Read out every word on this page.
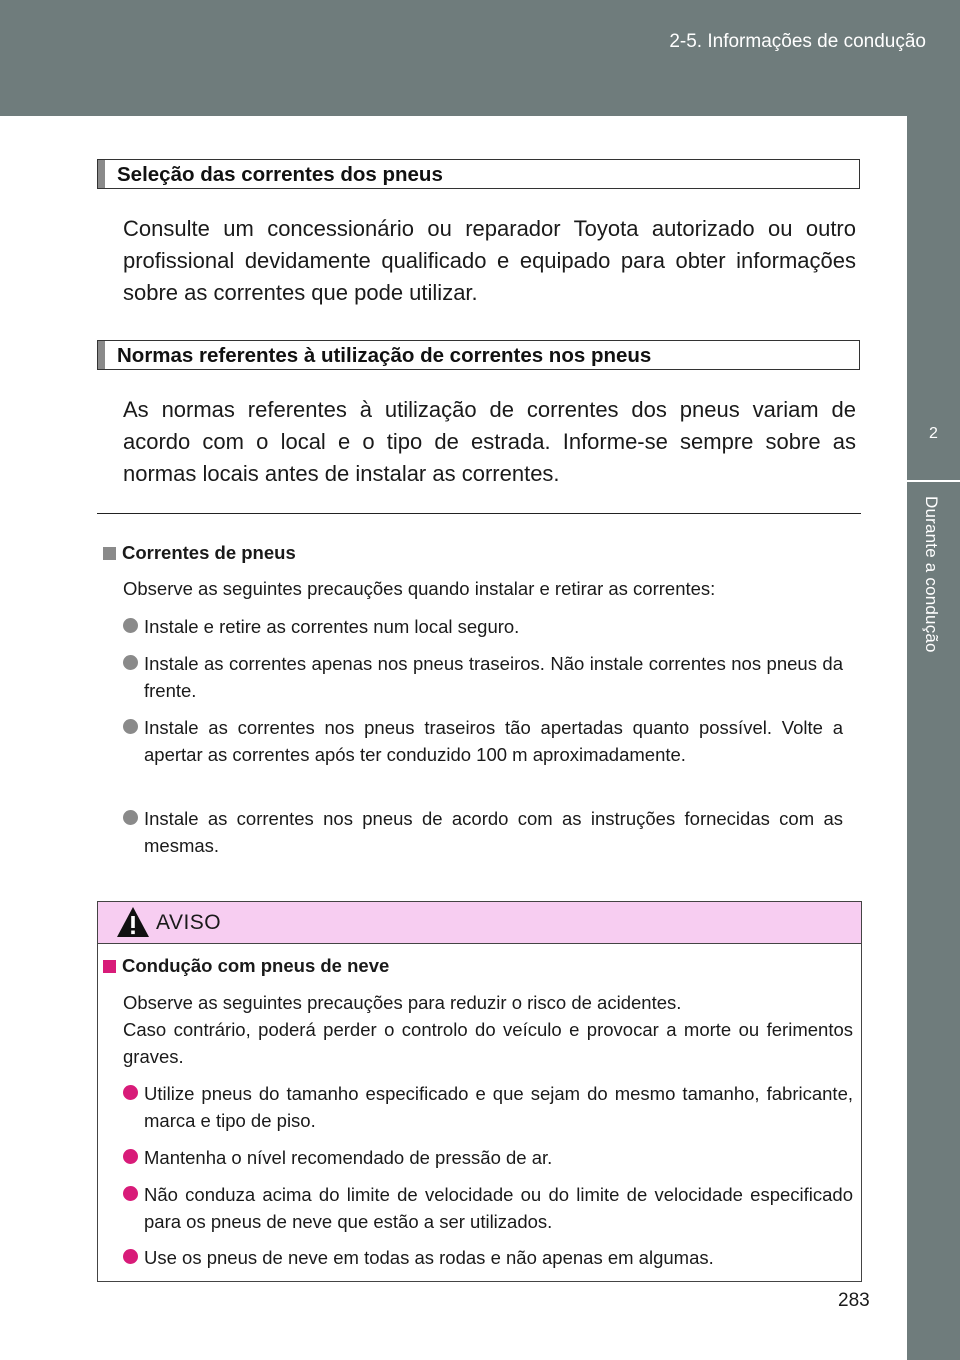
2-5. Informações de condução
2
Durante a condução
Seleção das correntes dos pneus
Consulte um concessionário ou reparador Toyota autorizado ou outro profissional devidamente qualificado e equipado para obter informações sobre as correntes que pode utilizar.
Normas referentes à utilização de correntes nos pneus
As normas referentes à utilização de correntes dos pneus variam de acordo com o local e o tipo de estrada. Informe-se sempre sobre as normas locais antes de instalar as correntes.
Correntes de pneus
Observe as seguintes precauções quando instalar e retirar as correntes:
Instale e retire as correntes num local seguro.
Instale as correntes apenas nos pneus traseiros. Não instale correntes nos pneus da frente.
Instale as correntes nos pneus traseiros tão apertadas quanto possível. Volte a apertar as correntes após ter conduzido 100 m aproximadamente.
Instale as correntes nos pneus de acordo com as instruções fornecidas com as mesmas.
AVISO
Condução com pneus de neve
Observe as seguintes precauções para reduzir o risco de acidentes.
Caso contrário, poderá perder o controlo do veículo e provocar a morte ou ferimentos graves.
Utilize pneus do tamanho especificado e que sejam do mesmo tamanho, fabricante, marca e tipo de piso.
Mantenha o nível recomendado de pressão de ar.
Não conduza acima do limite de velocidade ou do limite de velocidade especificado para os pneus de neve que estão a ser utilizados.
Use os pneus de neve em todas as rodas e não apenas em algumas.
283
